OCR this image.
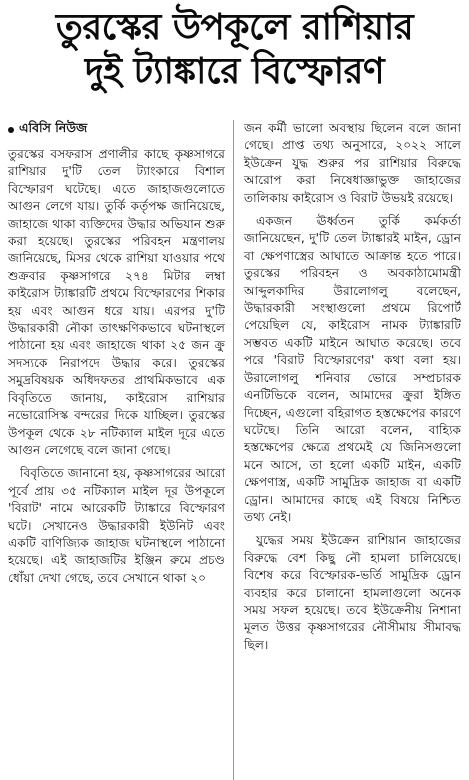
তুরস্কের উপকূলে রাশিয়ার
দুই ট্যাঙ্কারে বিস্ফোরণ
এবিসি নিউজ

তুরস্কের বসফরাস প্রণালীর কাছে কৃষ্ণসাগরে রাশিয়ার দু'টি তেল ট্যাংকারে বিশাল বিস্ফোরণ ঘটেছে। এতে জাহাজগুলোতে আগুন লেগে যায়। তুর্কি কর্তৃপক্ষ জানিয়েছে, জাহাজে থাকা ব্যক্তিদের উদ্ধার অভিযান শুরু করা হয়েছে। তুরস্কের পরিবহন মন্ত্রণালয় জানিয়েছে, মিসর থেকে রাশিয়া যাওয়ার পথে শুক্রবার কৃষ্ণসাগরে ২৭৪ মিটার লম্বা কাইরোস ট্যাঙ্কারটি প্রথমে বিস্ফোরণের শিকার হয় এবং আগুন ধরে যায়। এরপর দু'টি উদ্ধারকারী নৌকা তাৎক্ষণিকভাবে ঘটনাস্থলে পাঠানো হয় এবং জাহাজে থাকা ২৫ জন ক্রু সদস্যকে নিরাপদে উদ্ধার করে। তুরস্কের সমুদ্রবিষয়ক অধিদফতর প্রাথমিকভাবে এক বিবৃতিতে জানায়, কাইরোস রাশিয়ার নভোরোসিস্ক বন্দরের দিকে যাচ্ছিল। তুরস্কের উপকূল থেকে ২৮ নটিক্যাল মাইল দূরে এতে আগুন লেগেছে বলে জানা গেছে।

বিবৃতিতে জানানো হয়, কৃষ্ণসাগরের আরো পূর্বে প্রায় ৩৫ নটিক্যাল মাইল দূর উপকূলে 'বিরাট' নামে আরেকটি ট্যাঙ্কারে বিস্ফোরণ ঘটে। সেখানেও উদ্ধারকারী ইউনিট এবং একটি বাণিজ্যিক জাহাজ ঘটনাস্থলে পাঠানো হয়েছে। এই জাহাজটির ইঞ্জিন রুমে প্রচণ্ড ধোঁয়া দেখা গেছে, তবে সেখানে থাকা ২০

জন কর্মী ভালো অবস্থায় ছিলেন বলে জানা গেছে। প্রাপ্ত তথ্য অনুসারে, ২০২২ সালে ইউক্রেন যুদ্ধ শুরুর পর রাশিয়ার বিরুদ্ধে আরোপ করা নিষেধাজ্ঞাভুক্ত জাহাজের তালিকায় কাইরোস ও বিরাট উভয়ই রয়েছে।

একজন ঊর্ধ্বতন তুর্কি কর্মকর্তা জানিয়েছেন, দু'টি তেল ট্যাঙ্কারই মাইন, ড্রোন বা ক্ষেপণাস্ত্রের আঘাতে আক্রান্ত হতে পারে। তুরস্কের পরিবহন ও অবকাঠামোমন্ত্রী আব্দুলকাদির উরালোগলু বলেছেন, উদ্ধারকারী সংস্থাগুলো প্রথমে রিপোর্ট পেয়েছিল যে, কাইরোস নামক ট্যাঙ্কারটি সম্ভবত একটি মাইনে আঘাত করেছে। তবে পরে 'বিরাট বিস্ফোরণের' কথা বলা হয়। উরালোগলু শনিবার ভোরে সম্প্রচারক এনটিভিকে বলেন, আমাদের ক্রুরা ইঙ্গিত দিচ্ছেন, এগুলো বহিরাগত হস্তক্ষেপের কারণে ঘটেছে। তিনি আরো বলেন, বাহ্যিক হস্তক্ষেপের ক্ষেত্রে প্রথমেই যে জিনিসগুলো মনে আসে, তা হলো একটি মাইন, একটি ক্ষেপণাস্ত্র, একটি সামুদ্রিক জাহাজ বা একটি ড্রোন। আমাদের কাছে এই বিষয়ে নিশ্চিত তথ্য নেই।

যুদ্ধের সময় ইউক্রেন রাশিয়ান জাহাজের বিরুদ্ধে বেশ কিছু নৌ হামলা চালিয়েছে। বিশেষ করে বিস্ফোরক-ভর্তি সামুদ্রিক ড্রোন ব্যবহার করে চালানো হামলাগুলো অনেক সময় সফল হয়েছে। তবে ইউক্রেনীয় নিশানা মূলত উত্তর কৃষ্ণসাগরের নৌসীমায় সীমাবদ্ধ ছিল।
